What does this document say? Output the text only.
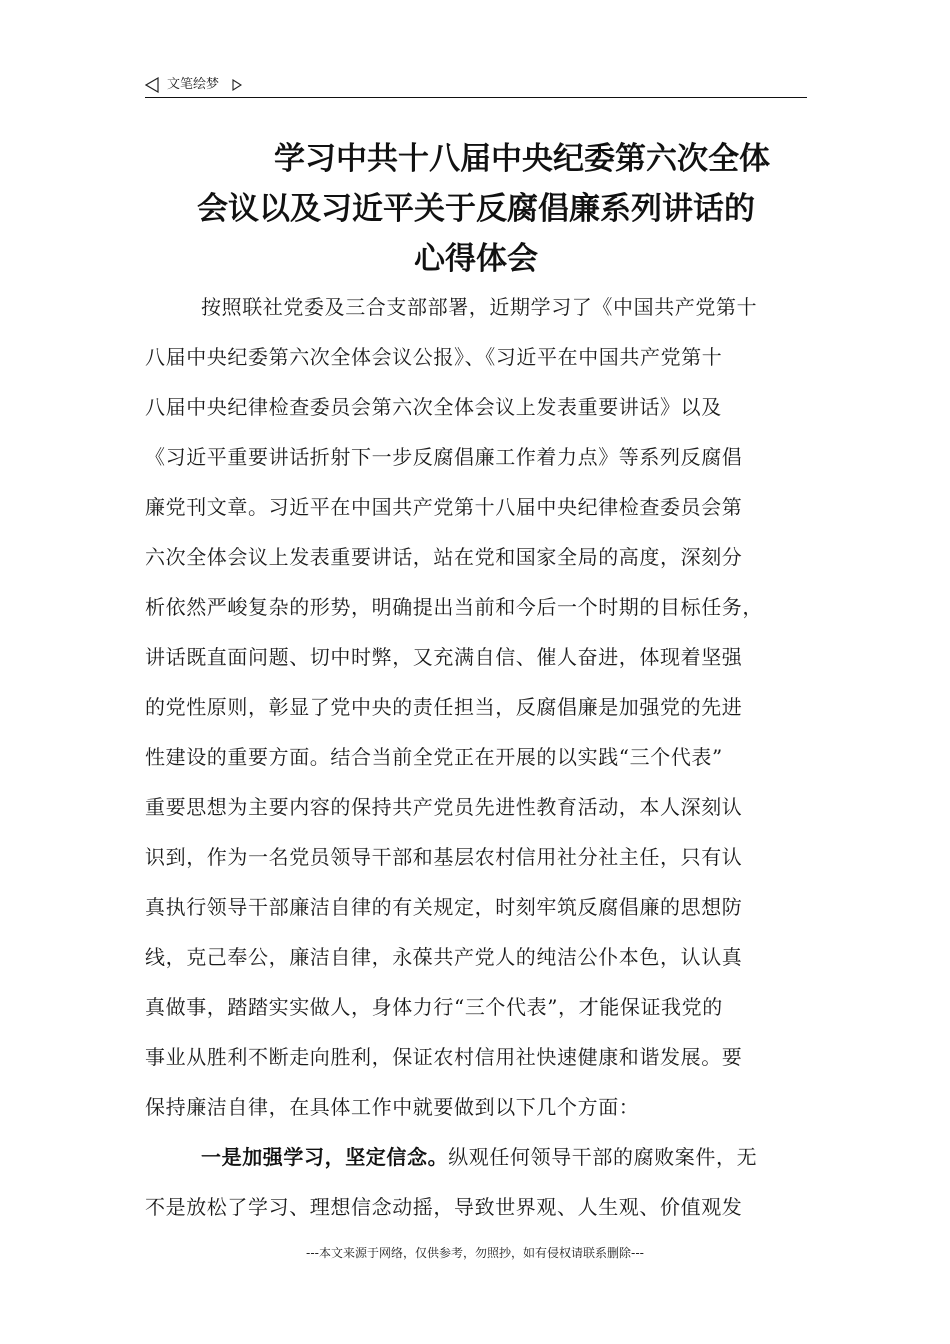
文笔绘梦
学习中共十八届中央纪委第六次全体
会议以及习近平关于反腐倡廉系列讲话的
心得体会
按照联社党委及三合支部部署，近期学习了《中国共产党第十
八届中央纪委第六次全体会议公报》、《习近平在中国共产党第十
八届中央纪律检查委员会第六次全体会议上发表重要讲话》以及
《习近平重要讲话折射下一步反腐倡廉工作着力点》等系列反腐倡
廉党刊文章。习近平在中国共产党第十八届中央纪律检查委员会第
六次全体会议上发表重要讲话，站在党和国家全局的高度，深刻分
析依然严峻复杂的形势，明确提出当前和今后一个时期的目标任务，
讲话既直面问题、切中时弊，又充满自信、催人奋进，体现着坚强
的党性原则，彰显了党中央的责任担当，反腐倡廉是加强党的先进
性建设的重要方面。结合当前全党正在开展的以实践“三个代表”
重要思想为主要内容的保持共产党员先进性教育活动，本人深刻认
识到，作为一名党员领导干部和基层农村信用社分社主任，只有认
真执行领导干部廉洁自律的有关规定，时刻牢筑反腐倡廉的思想防
线，克己奉公，廉洁自律，永葆共产党人的纯洁公仆本色，认认真
真做事，踏踏实实做人，身体力行“三个代表”，才能保证我党的
事业从胜利不断走向胜利，保证农村信用社快速健康和谐发展。要
保持廉洁自律，在具体工作中就要做到以下几个方面：
一是加强学习，坚定信念。纵观任何领导干部的腐败案件，无
不是放松了学习、理想信念动摇，导致世界观、人生观、价值观发
---本文来源于网络，仅供参考，勿照抄，如有侵权请联系删除---
